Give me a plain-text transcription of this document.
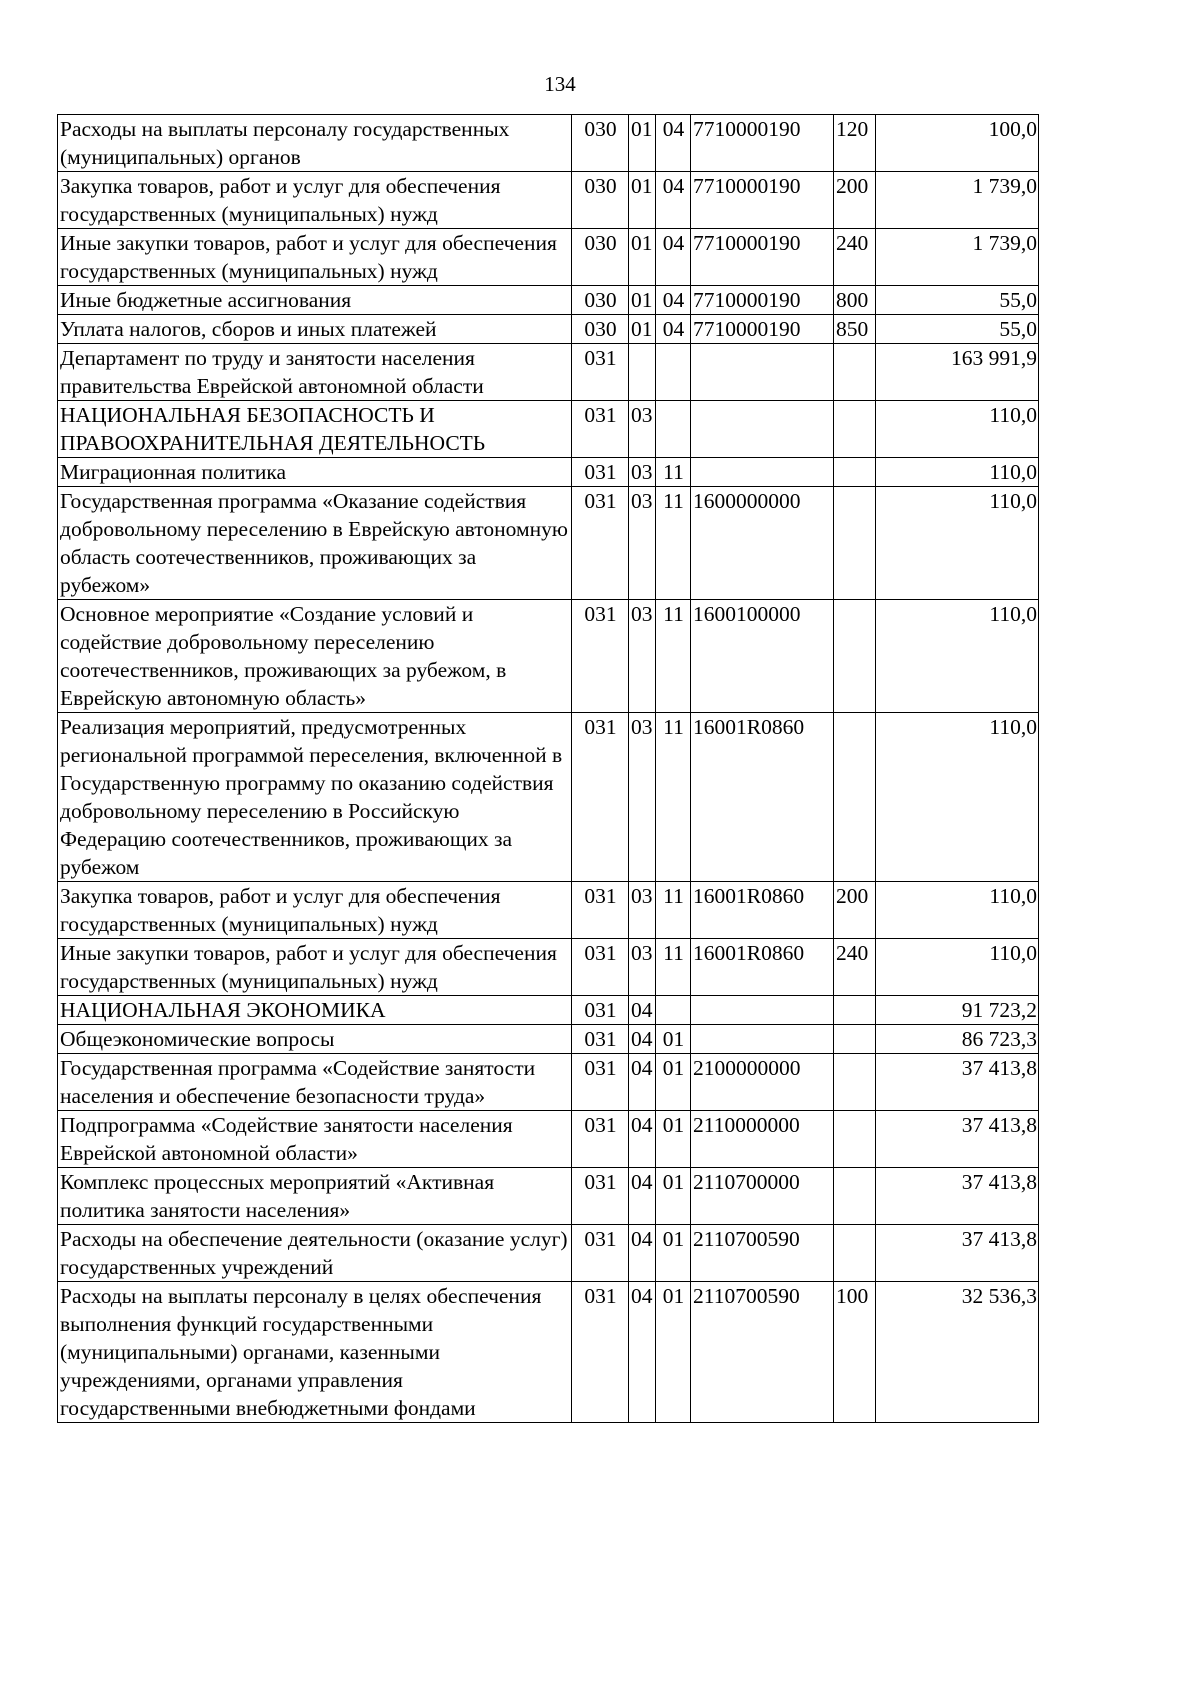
134
Расходы на выплаты персоналу государственных (муниципальных) органов	030	01	04	7710000190	120	100,0
Закупка товаров, работ и услуг для обеспечения государственных (муниципальных) нужд	030	01	04	7710000190	200	1 739,0
Иные закупки товаров, работ и услуг для обеспечения государственных (муниципальных) нужд	030	01	04	7710000190	240	1 739,0
Иные бюджетные ассигнования	030	01	04	7710000190	800	55,0
Уплата налогов, сборов и иных платежей	030	01	04	7710000190	850	55,0
Департамент по труду и занятости населения правительства Еврейской автономной области	031					163 991,9
НАЦИОНАЛЬНАЯ БЕЗОПАСНОСТЬ И ПРАВООХРАНИТЕЛЬНАЯ ДЕЯТЕЛЬНОСТЬ	031	03				110,0
Миграционная политика	031	03	11			110,0
Государственная программа «Оказание содействия добровольному переселению в Еврейскую автономную область соотечественников, проживающих за рубежом»	031	03	11	1600000000		110,0
Основное мероприятие «Создание условий и содействие добровольному переселению соотечественников, проживающих за рубежом, в Еврейскую автономную область»	031	03	11	1600100000		110,0
Реализация мероприятий, предусмотренных региональной программой переселения, включенной в Государственную программу по оказанию содействия добровольному переселению в Российскую Федерацию соотечественников, проживающих за рубежом	031	03	11	16001R0860		110,0
Закупка товаров, работ и услуг для обеспечения государственных (муниципальных) нужд	031	03	11	16001R0860	200	110,0
Иные закупки товаров, работ и услуг для обеспечения государственных (муниципальных) нужд	031	03	11	16001R0860	240	110,0
НАЦИОНАЛЬНАЯ ЭКОНОМИКА	031	04				91 723,2
Общеэкономические вопросы	031	04	01			86 723,3
Государственная программа «Содействие занятости населения и обеспечение безопасности труда»	031	04	01	2100000000		37 413,8
Подпрограмма «Содействие занятости населения Еврейской автономной области»	031	04	01	2110000000		37 413,8
Комплекс процессных мероприятий «Активная политика занятости населения»	031	04	01	2110700000		37 413,8
Расходы на обеспечение деятельности (оказание услуг) государственных учреждений	031	04	01	2110700590		37 413,8
Расходы на выплаты персоналу в целях обеспечения выполнения функций государственными (муниципальными) органами, казенными учреждениями, органами управления государственными внебюджетными фондами	031	04	01	2110700590	100	32 536,3
